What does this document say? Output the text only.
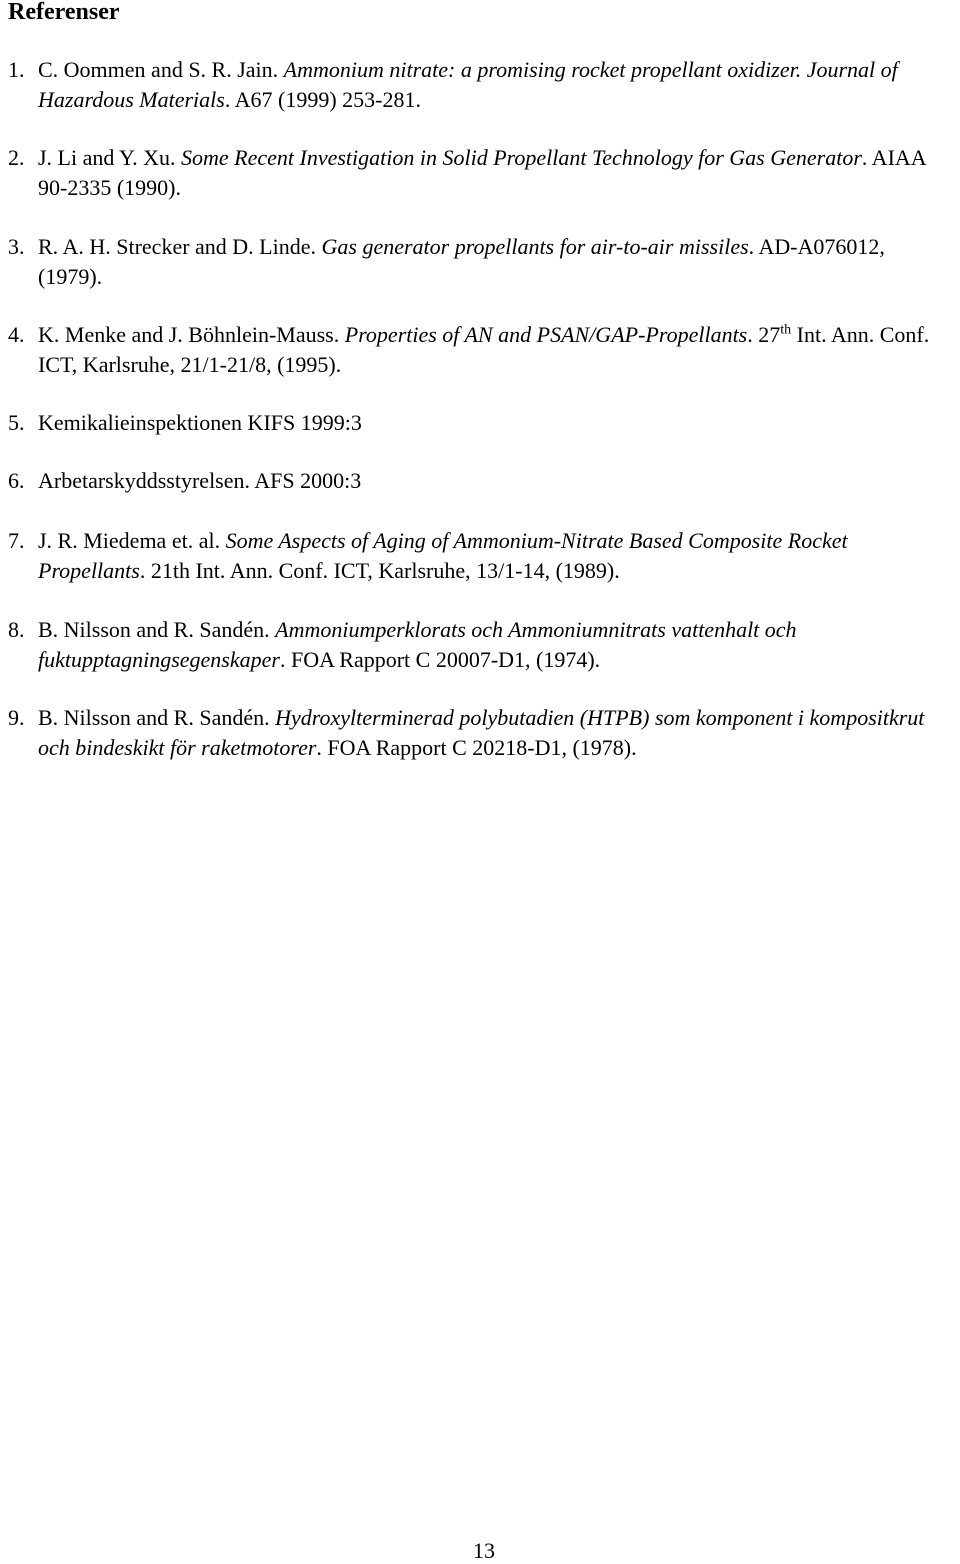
Referenser
1. C. Oommen and S. R. Jain. Ammonium nitrate: a promising rocket propellant oxidizer. Journal of Hazardous Materials. A67 (1999) 253-281.
2. J. Li and Y. Xu. Some Recent Investigation in Solid Propellant Technology for Gas Generator. AIAA 90-2335 (1990).
3. R. A. H. Strecker and D. Linde. Gas generator propellants for air-to-air missiles. AD-A076012, (1979).
4. K. Menke and J. Böhnlein-Mauss. Properties of AN and PSAN/GAP-Propellants. 27th Int. Ann. Conf. ICT, Karlsruhe, 21/1-21/8, (1995).
5. Kemikalieinspektionen KIFS 1999:3
6. Arbetarskyddsstyrelsen. AFS 2000:3
7. J. R. Miedema et. al. Some Aspects of Aging of Ammonium-Nitrate Based Composite Rocket Propellants. 21th Int. Ann. Conf. ICT, Karlsruhe, 13/1-14, (1989).
8. B. Nilsson and R. Sandén. Ammoniumperklorats och Ammoniumnitrats vattenhalt och fuktupptagningsegenskaper. FOA Rapport C 20007-D1, (1974).
9. B. Nilsson and R. Sandén. Hydroxylterminerad polybutadien (HTPB) som komponent i kompositkrut och bindeskikt för raketmotorer. FOA Rapport C 20218-D1, (1978).
13
